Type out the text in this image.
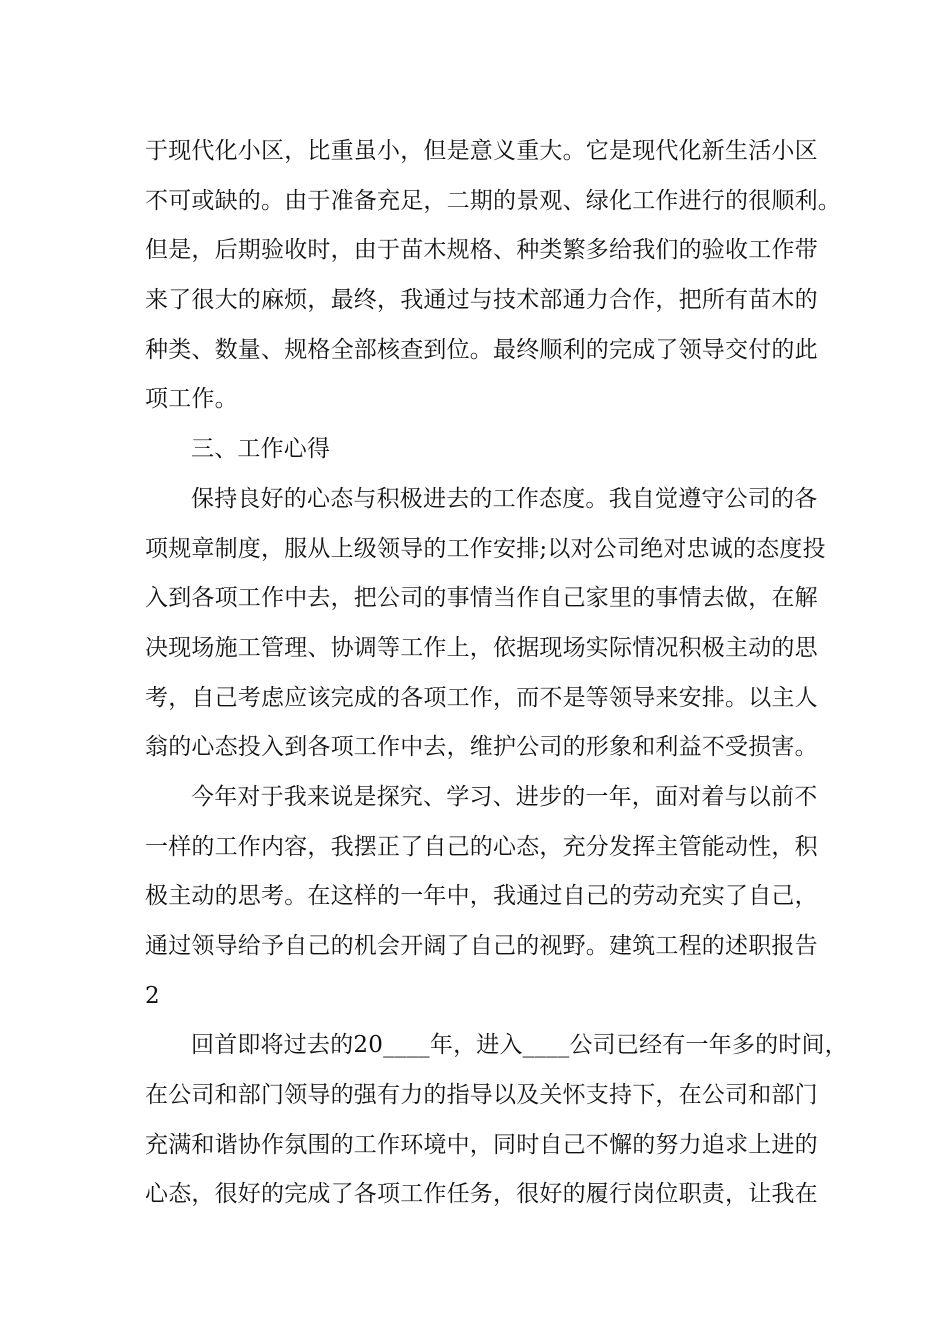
于现代化小区，比重虽小，但是意义重大。它是现代化新生活小区
不可或缺的。由于准备充足，二期的景观、绿化工作进行的很顺利。
但是，后期验收时，由于苗木规格、种类繁多给我们的验收工作带
来了很大的麻烦，最终，我通过与技术部通力合作，把所有苗木的
种类、数量、规格全部核查到位。最终顺利的完成了领导交付的此
项工作。
三、工作心得
保持良好的心态与积极进去的工作态度。我自觉遵守公司的各
项规章制度，服从上级领导的工作安排;以对公司绝对忠诚的态度投
入到各项工作中去，把公司的事情当作自己家里的事情去做，在解
决现场施工管理、协调等工作上，依据现场实际情况积极主动的思
考，自己考虑应该完成的各项工作，而不是等领导来安排。以主人
翁的心态投入到各项工作中去，维护公司的形象和利益不受损害。
今年对于我来说是探究、学习、进步的一年，面对着与以前不
一样的工作内容，我摆正了自己的心态，充分发挥主管能动性，积
极主动的思考。在这样的一年中，我通过自己的劳动充实了自己，
通过领导给予自己的机会开阔了自己的视野。建筑工程的述职报告
2
回首即将过去的20____年，进入____公司已经有一年多的时间，
在公司和部门领导的强有力的指导以及关怀支持下，在公司和部门
充满和谐协作氛围的工作环境中，同时自己不懈的努力追求上进的
心态，很好的完成了各项工作任务，很好的履行岗位职责，让我在
